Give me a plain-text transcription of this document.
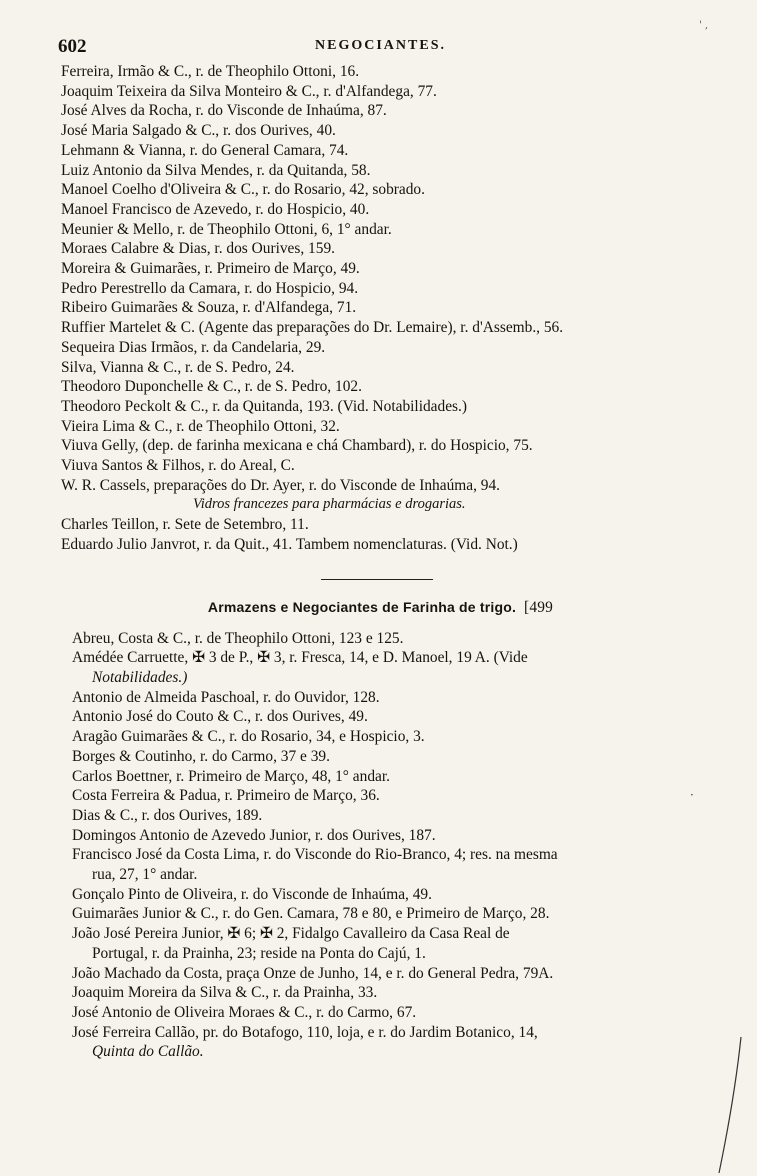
' ,
602	NEGOCIANTES.
Ferreira, Irmão & C., r. de Theophilo Ottoni, 16.
Joaquim Teixeira da Silva Monteiro & C., r. d'Alfandega, 77.
José Alves da Rocha, r. do Visconde de Inhaúma, 87.
José Maria Salgado & C., r. dos Ourives, 40.
Lehmann & Vianna, r. do General Camara, 74.
Luiz Antonio da Silva Mendes, r. da Quitanda, 58.
Manoel Coelho d'Oliveira & C., r. do Rosario, 42, sobrado.
Manoel Francisco de Azevedo, r. do Hospicio, 40.
Meunier & Mello, r. de Theophilo Ottoni, 6, 1° andar.
Moraes Calabre & Dias, r. dos Ourives, 159.
Moreira & Guimarães, r. Primeiro de Março, 49.
Pedro Perestrello da Camara, r. do Hospicio, 94.
Ribeiro Guimarães & Souza, r. d'Alfandega, 71.
Ruffier Martelet & C. (Agente das preparações do Dr. Lemaire), r. d'Assemb., 56.
Sequeira Dias Irmãos, r. da Candelaria, 29.
Silva, Vianna & C., r. de S. Pedro, 24.
Theodoro Duponchelle & C., r. de S. Pedro, 102.
Theodoro Peckolt & C., r. da Quitanda, 193. (Vid. Notabilidades.)
Vieira Lima & C., r. de Theophilo Ottoni, 32.
Viuva Gelly, (dep. de farinha mexicana e chá Chambard), r. do Hospicio, 75.
Viuva Santos & Filhos, r. do Areal, C.
W. R. Cassels, preparações do Dr. Ayer, r. do Visconde de Inhaúma, 94.
Vidros francezes para pharmácias e drogarias.
Charles Teillon, r. Sete de Setembro, 11.
Eduardo Julio Janvrot, r. da Quit., 41. Tambem nomenclaturas. (Vid. Not.)
Armazens e Negociantes de Farinha de trigo. [499
Abreu, Costa & C., r. de Theophilo Ottoni, 123 e 125.
Amédée Carruette, ✠ 3 de P., ✠ 3, r. Fresca, 14, e D. Manoel, 19 A. (Vide
Notabilidades.)
Antonio de Almeida Paschoal, r. do Ouvidor, 128.
Antonio José do Couto & C., r. dos Ourives, 49.
Aragão Guimarães & C., r. do Rosario, 34, e Hospicio, 3.
Borges & Coutinho, r. do Carmo, 37 e 39.
Carlos Boettner, r. Primeiro de Março, 48, 1° andar.
Costa Ferreira & Padua, r. Primeiro de Março, 36.
Dias & C., r. dos Ourives, 189.
Domingos Antonio de Azevedo Junior, r. dos Ourives, 187.
Francisco José da Costa Lima, r. do Visconde do Rio-Branco, 4; res. na mesma
rua, 27, 1° andar.
Gonçalo Pinto de Oliveira, r. do Visconde de Inhaúma, 49.
Guimarães Junior & C., r. do Gen. Camara, 78 e 80, e Primeiro de Março, 28.
João José Pereira Junior, ✠ 6; ✠ 2, Fidalgo Cavalleiro da Casa Real de
Portugal, r. da Prainha, 23; reside na Ponta do Cajú, 1.
João Machado da Costa, praça Onze de Junho, 14, e r. do General Pedra, 79A.
Joaquim Moreira da Silva & C., r. da Prainha, 33.
José Antonio de Oliveira Moraes & C., r. do Carmo, 67.
José Ferreira Callão, pr. do Botafogo, 110, loja, e r. do Jardim Botanico, 14,
Quinta do Callão.
·
